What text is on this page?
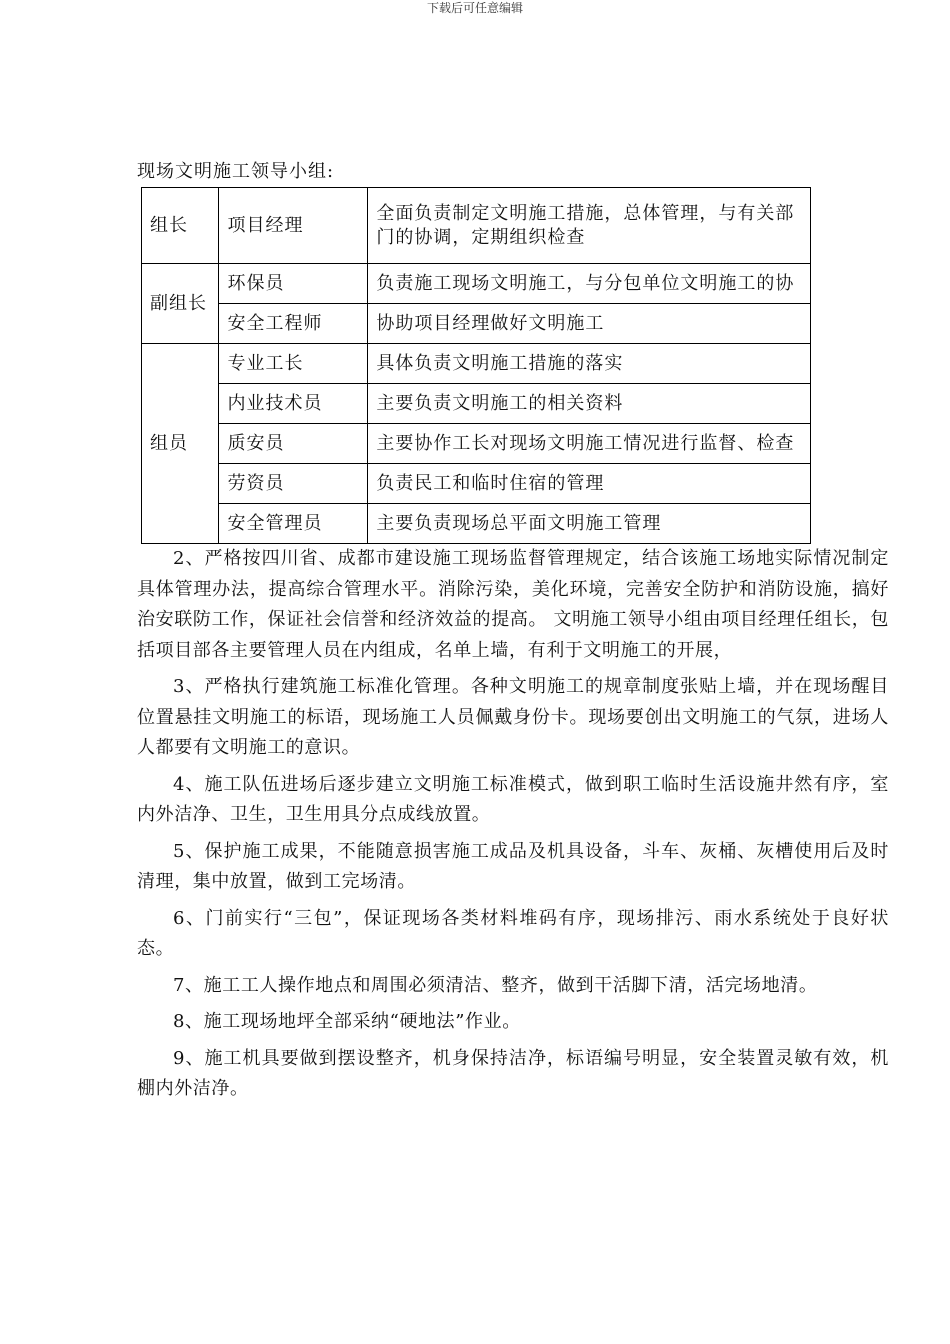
下载后可任意编辑
现场文明施工领导小组:
组长	项目经理	全面负责制定文明施工措施，总体管理，与有关部门的协调，定期组织检查
副组长	环保员	负责施工现场文明施工，与分包单位文明施工的协
	安全工程师	协助项目经理做好文明施工
组员	专业工长	具体负责文明施工措施的落实
	内业技术员	主要负责文明施工的相关资料
	质安员	主要协作工长对现场文明施工情况进行监督、检查
	劳资员	负责民工和临时住宿的管理
	安全管理员	主要负责现场总平面文明施工管理

2、严格按四川省、成都市建设施工现场监督管理规定，结合该施工场地实际情况制定具体管理办法，提高综合管理水平。消除污染，美化环境，完善安全防护和消防设施，搞好治安联防工作，保证社会信誉和经济效益的提高。 文明施工领导小组由项目经理任组长，包括项目部各主要管理人员在内组成，名单上墙，有利于文明施工的开展，

3、严格执行建筑施工标准化管理。各种文明施工的规章制度张贴上墙，并在现场醒目位置悬挂文明施工的标语，现场施工人员佩戴身份卡。现场要创出文明施工的气氛，进场人人都要有文明施工的意识。

4、施工队伍进场后逐步建立文明施工标准模式，做到职工临时生活设施井然有序，室内外洁净、卫生，卫生用具分点成线放置。

5、保护施工成果，不能随意损害施工成品及机具设备，斗车、灰桶、灰槽使用后及时清理，集中放置，做到工完场清。

6、门前实行“三包”，保证现场各类材料堆码有序，现场排污、雨水系统处于良好状态。

7、施工工人操作地点和周围必须清洁、整齐，做到干活脚下清，活完场地清。

8、施工现场地坪全部采纳“硬地法”作业。

9、施工机具要做到摆设整齐，机身保持洁净，标语编号明显，安全装置灵敏有效，机棚内外洁净。
